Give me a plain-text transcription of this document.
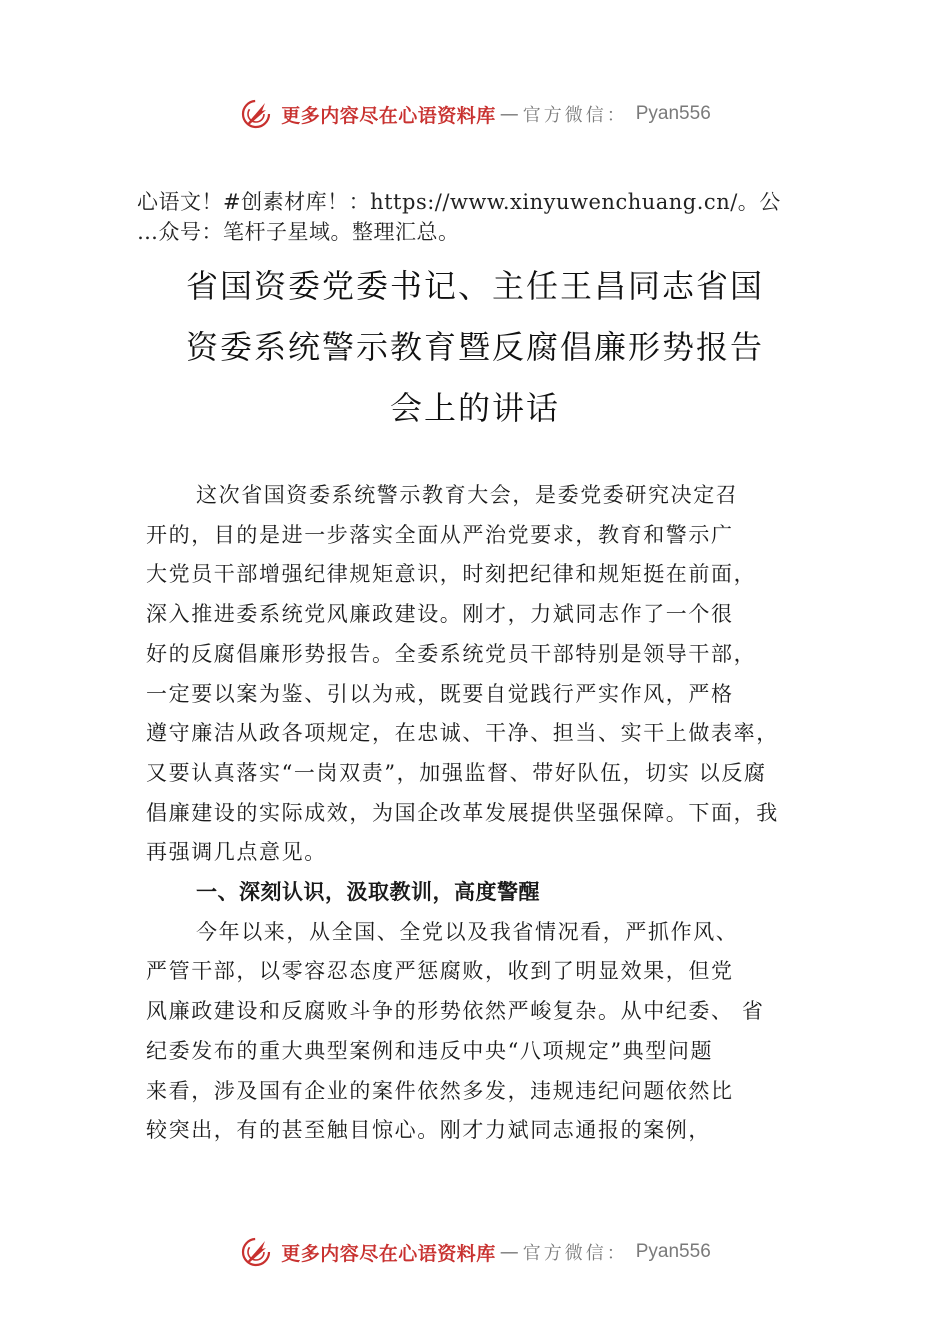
更多内容尽在心语资料库 — 官方微信： Pyan556
心语文！#创素材库！：https://www.xinyuwenchuang.cn/。公
…众号：笔杆子星域。整理汇总。
省国资委党委书记、主任王昌同志省国
资委系统警示教育暨反腐倡廉形势报告
会上的讲话
这次省国资委系统警示教育大会，是委党委研究决定召
开的，目的是进一步落实全面从严治党要求，教育和警示广
大党员干部增强纪律规矩意识，时刻把纪律和规矩挺在前面，
深入推进委系统党风廉政建设。刚才，力斌同志作了一个很
好的反腐倡廉形势报告。全委系统党员干部特别是领导干部，
一定要以案为鉴、引以为戒，既要自觉践行严实作风，严格
遵守廉洁从政各项规定，在忠诚、干净、担当、实干上做表率，
又要认真落实“一岗双责”，加强监督、带好队伍，切实 以反腐
倡廉建设的实际成效，为国企改革发展提供坚强保障。下面，我
再强调几点意见。
一、深刻认识，汲取教训，高度警醒
今年以来，从全国、全党以及我省情况看，严抓作风、
严管干部，以零容忍态度严惩腐败，收到了明显效果，但党
风廉政建设和反腐败斗争的形势依然严峻复杂。从中纪委、 省
纪委发布的重大典型案例和违反中央“八项规定”典型问题
来看，涉及国有企业的案件依然多发，违规违纪问题依然比
较突出，有的甚至触目惊心。刚才力斌同志通报的案例，
更多内容尽在心语资料库 — 官方微信： Pyan556
